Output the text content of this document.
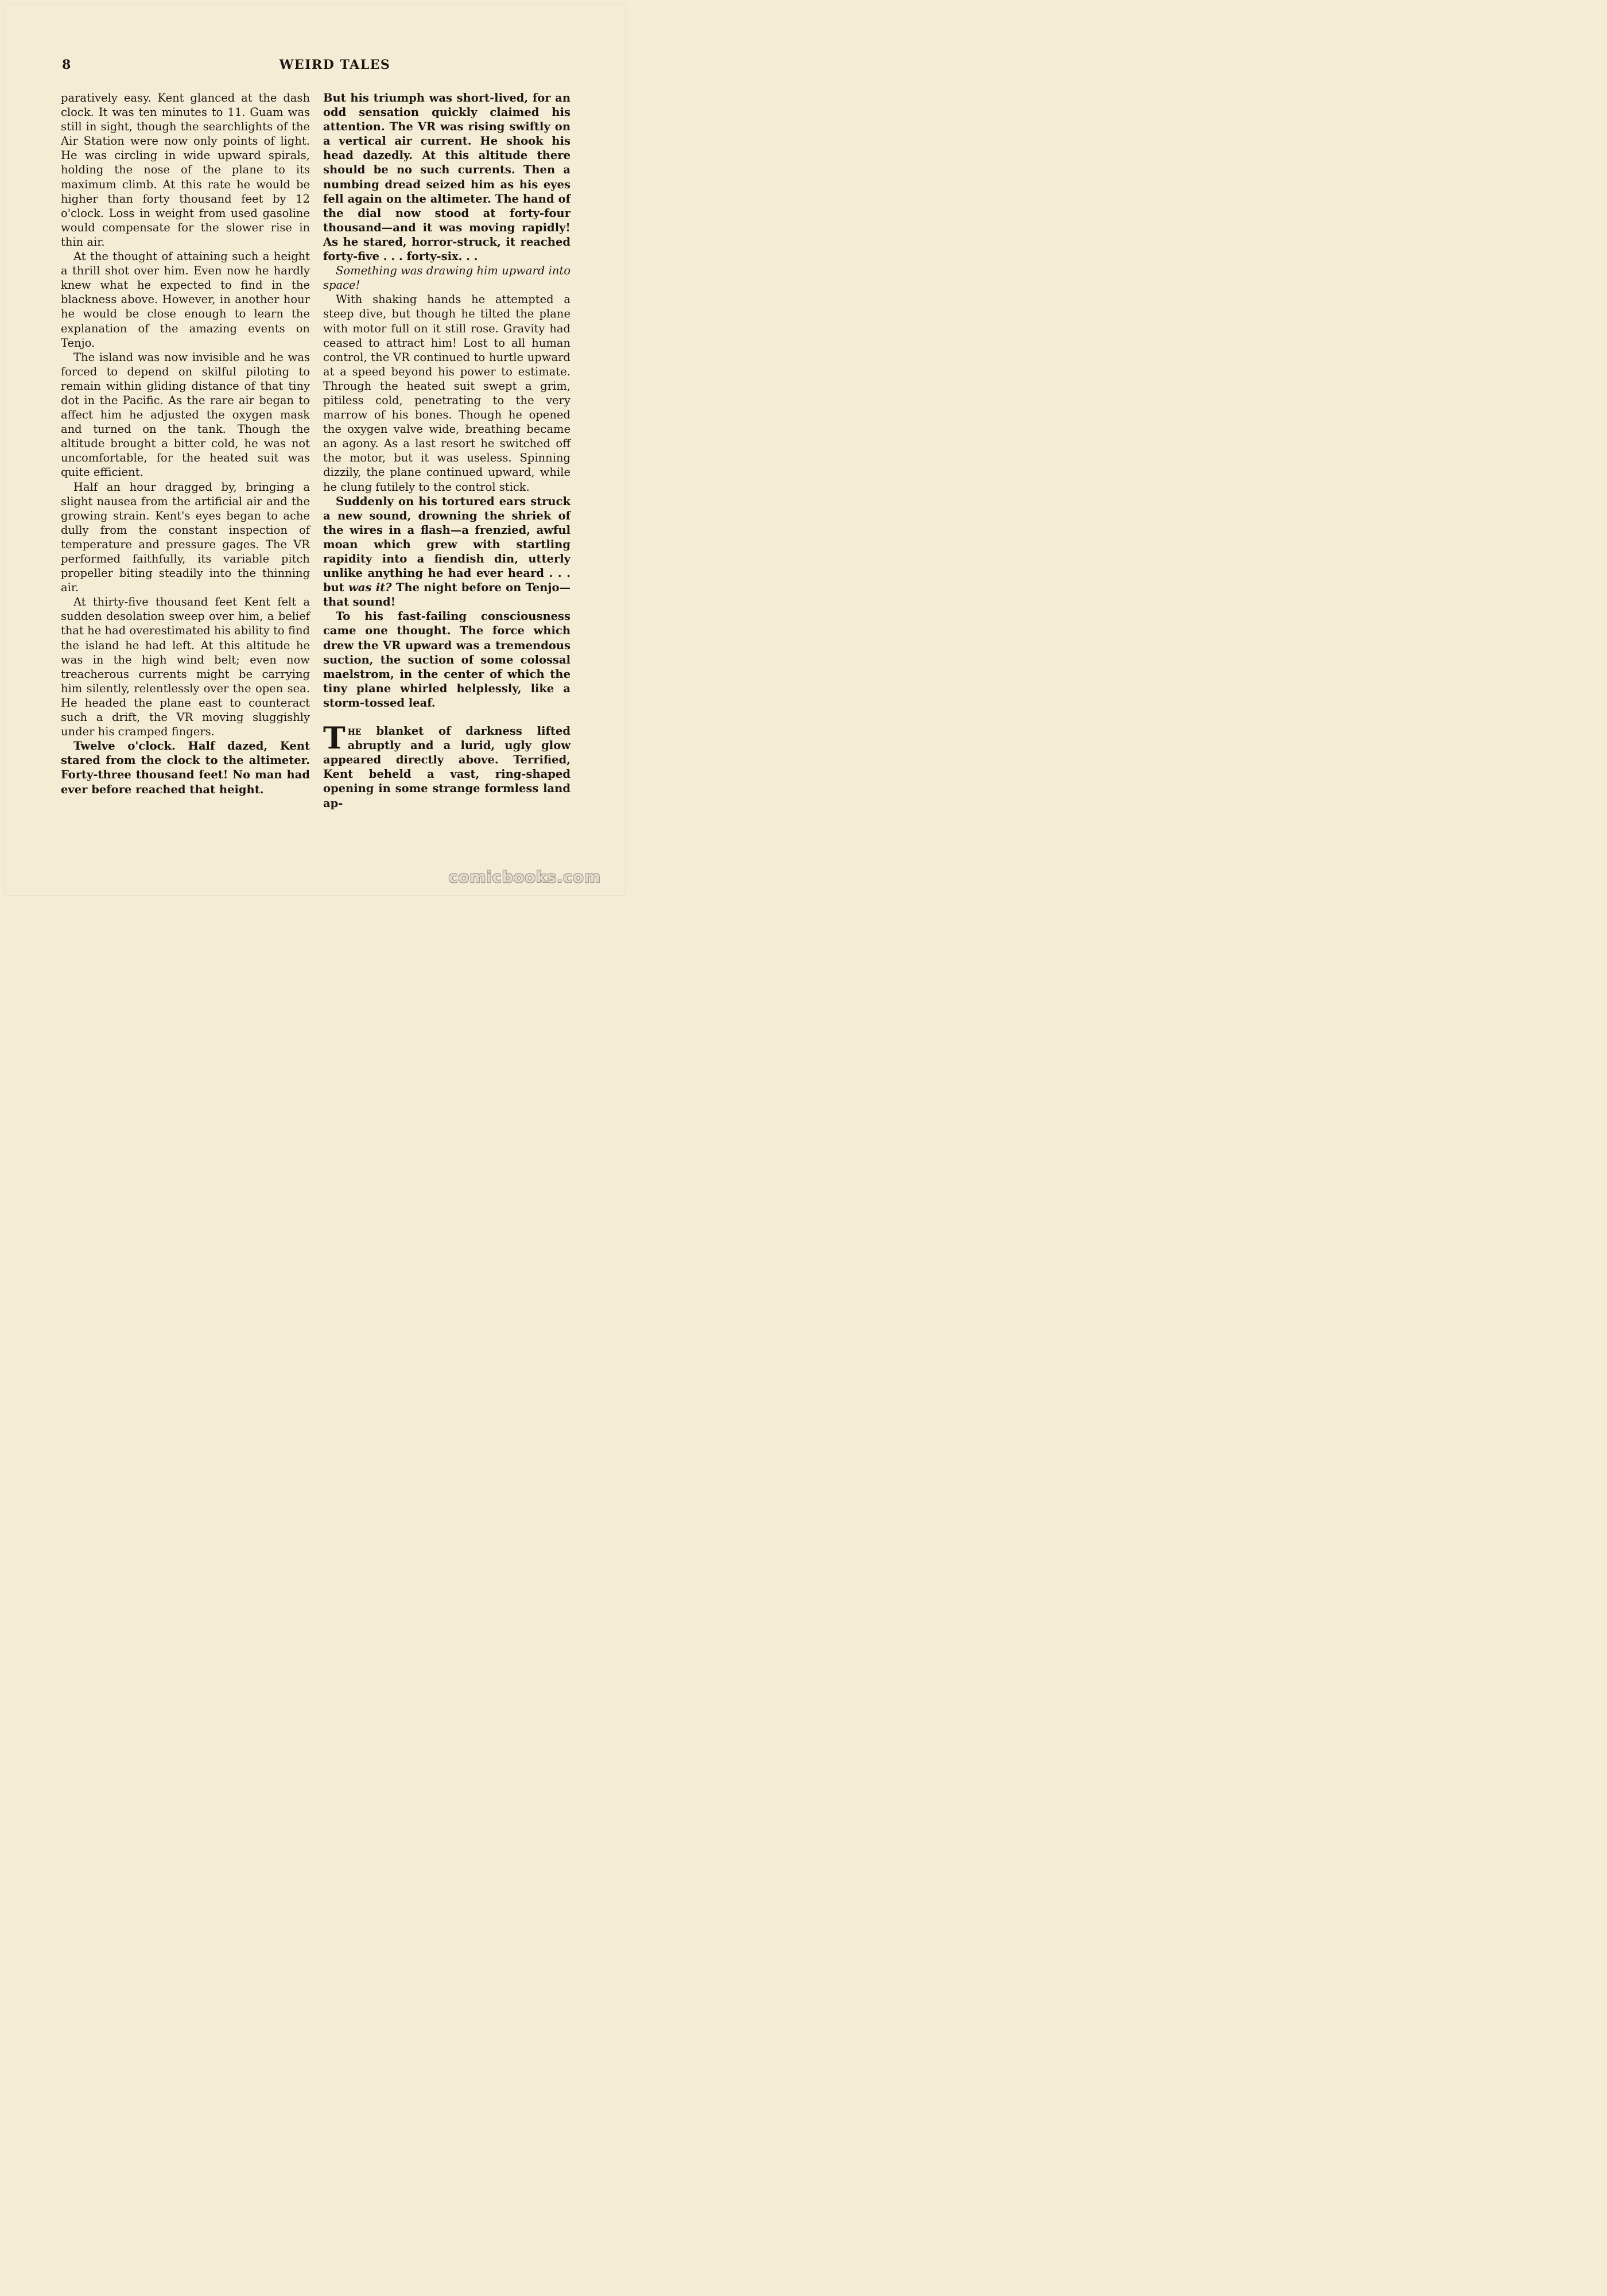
8	WEIRD TALES

paratively easy. Kent glanced at the dash clock. It was ten minutes to 11. Guam was still in sight, though the searchlights of the Air Station were now only points of light. He was circling in wide upward spirals, holding the nose of the plane to its maximum climb. At this rate he would be higher than forty thousand feet by 12 o'clock. Loss in weight from used gasoline would compensate for the slower rise in thin air.

At the thought of attaining such a height a thrill shot over him. Even now he hardly knew what he expected to find in the blackness above. However, in another hour he would be close enough to learn the explanation of the amazing events on Tenjo.

The island was now invisible and he was forced to depend on skilful piloting to remain within gliding distance of that tiny dot in the Pacific. As the rare air began to affect him he adjusted the oxygen mask and turned on the tank. Though the altitude brought a bitter cold, he was not uncomfortable, for the heated suit was quite efficient.

Half an hour dragged by, bringing a slight nausea from the artificial air and the growing strain. Kent's eyes began to ache dully from the constant inspection of temperature and pressure gages. The VR performed faithfully, its variable pitch propeller biting steadily into the thinning air.

At thirty-five thousand feet Kent felt a sudden desolation sweep over him, a belief that he had overestimated his ability to find the island he had left. At this altitude he was in the high wind belt; even now treacherous currents might be carrying him silently, relentlessly over the open sea. He headed the plane east to counteract such a drift, the VR moving sluggishly under his cramped fingers.

Twelve o'clock. Half dazed, Kent stared from the clock to the altimeter. Forty-three thousand feet! No man had ever before reached that height.

But his triumph was short-lived, for an odd sensation quickly claimed his attention. The VR was rising swiftly on a vertical air current. He shook his head dazedly. At this altitude there should be no such currents. Then a numbing dread seized him as his eyes fell again on the altimeter. The hand of the dial now stood at forty-four thousand—and it was moving rapidly! As he stared, horror-struck, it reached forty-five . . . forty-six. . .

Something was drawing him upward into space!

With shaking hands he attempted a steep dive, but though he tilted the plane with motor full on it still rose. Gravity had ceased to attract him! Lost to all human control, the VR continued to hurtle upward at a speed beyond his power to estimate. Through the heated suit swept a grim, pitiless cold, penetrating to the very marrow of his bones. Though he opened the oxygen valve wide, breathing became an agony. As a last resort he switched off the motor, but it was useless. Spinning dizzily, the plane continued upward, while he clung futilely to the control stick.

Suddenly on his tortured ears struck a new sound, drowning the shriek of the wires in a flash—a frenzied, awful moan which grew with startling rapidity into a fiendish din, utterly unlike anything he had ever heard . . . but was it? The night before on Tenjo—that sound!

To his fast-failing consciousness came one thought. The force which drew the VR upward was a tremendous suction, the suction of some colossal maelstrom, in the center of which the tiny plane whirled helplessly, like a storm-tossed leaf.

The blanket of darkness lifted abruptly and a lurid, ugly glow appeared directly above. Terrified, Kent beheld a vast, ring-shaped opening in some strange formless land ap-

comicbooks.com
